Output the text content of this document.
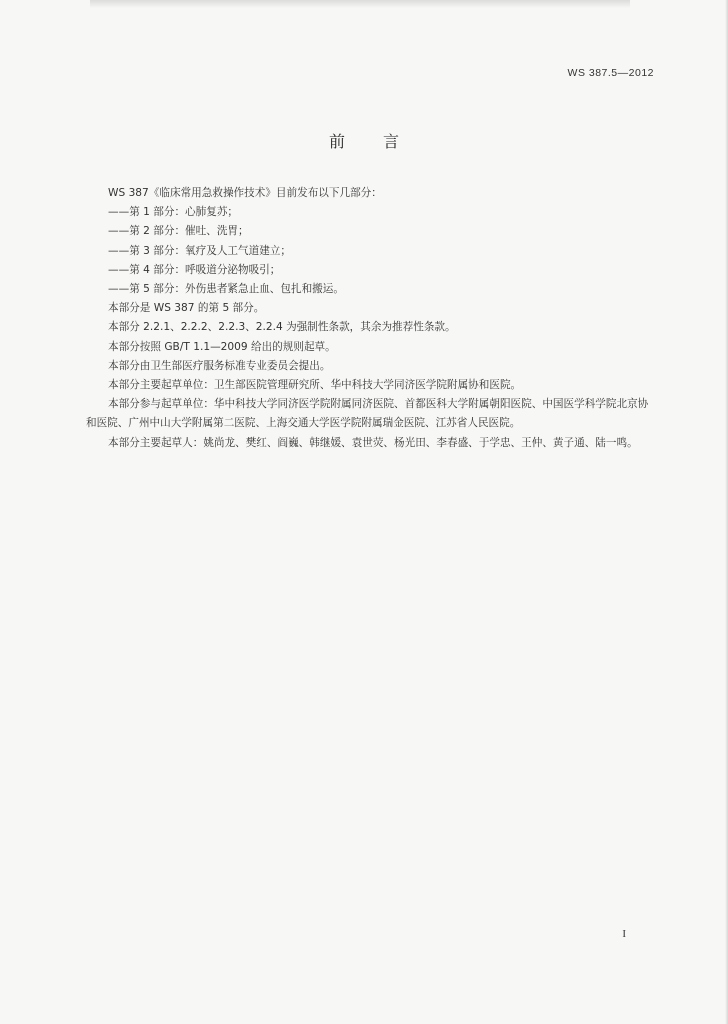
WS 387.5—2012
前言

WS 387《临床常用急救操作技术》目前发布以下几部分：

——第 1 部分：心肺复苏；

——第 2 部分：催吐、洗胃；

——第 3 部分：氧疗及人工气道建立；

——第 4 部分：呼吸道分泌物吸引；

——第 5 部分：外伤患者紧急止血、包扎和搬运。

本部分是 WS 387 的第 5 部分。

本部分 2.2.1、2.2.2、2.2.3、2.2.4 为强制性条款，其余为推荐性条款。

本部分按照 GB/T 1.1—2009 给出的规则起草。

本部分由卫生部医疗服务标准专业委员会提出。

本部分主要起草单位：卫生部医院管理研究所、华中科技大学同济医学院附属协和医院。

本部分参与起草单位：华中科技大学同济医学院附属同济医院、首都医科大学附属朝阳医院、中国医学科学院北京协和医院、广州中山大学附属第二医院、上海交通大学医学院附属瑞金医院、江苏省人民医院。

本部分主要起草人：姚尚龙、樊红、阎巍、韩继媛、袁世荧、杨光田、李春盛、于学忠、王仲、黄子通、陆一鸣。

I
